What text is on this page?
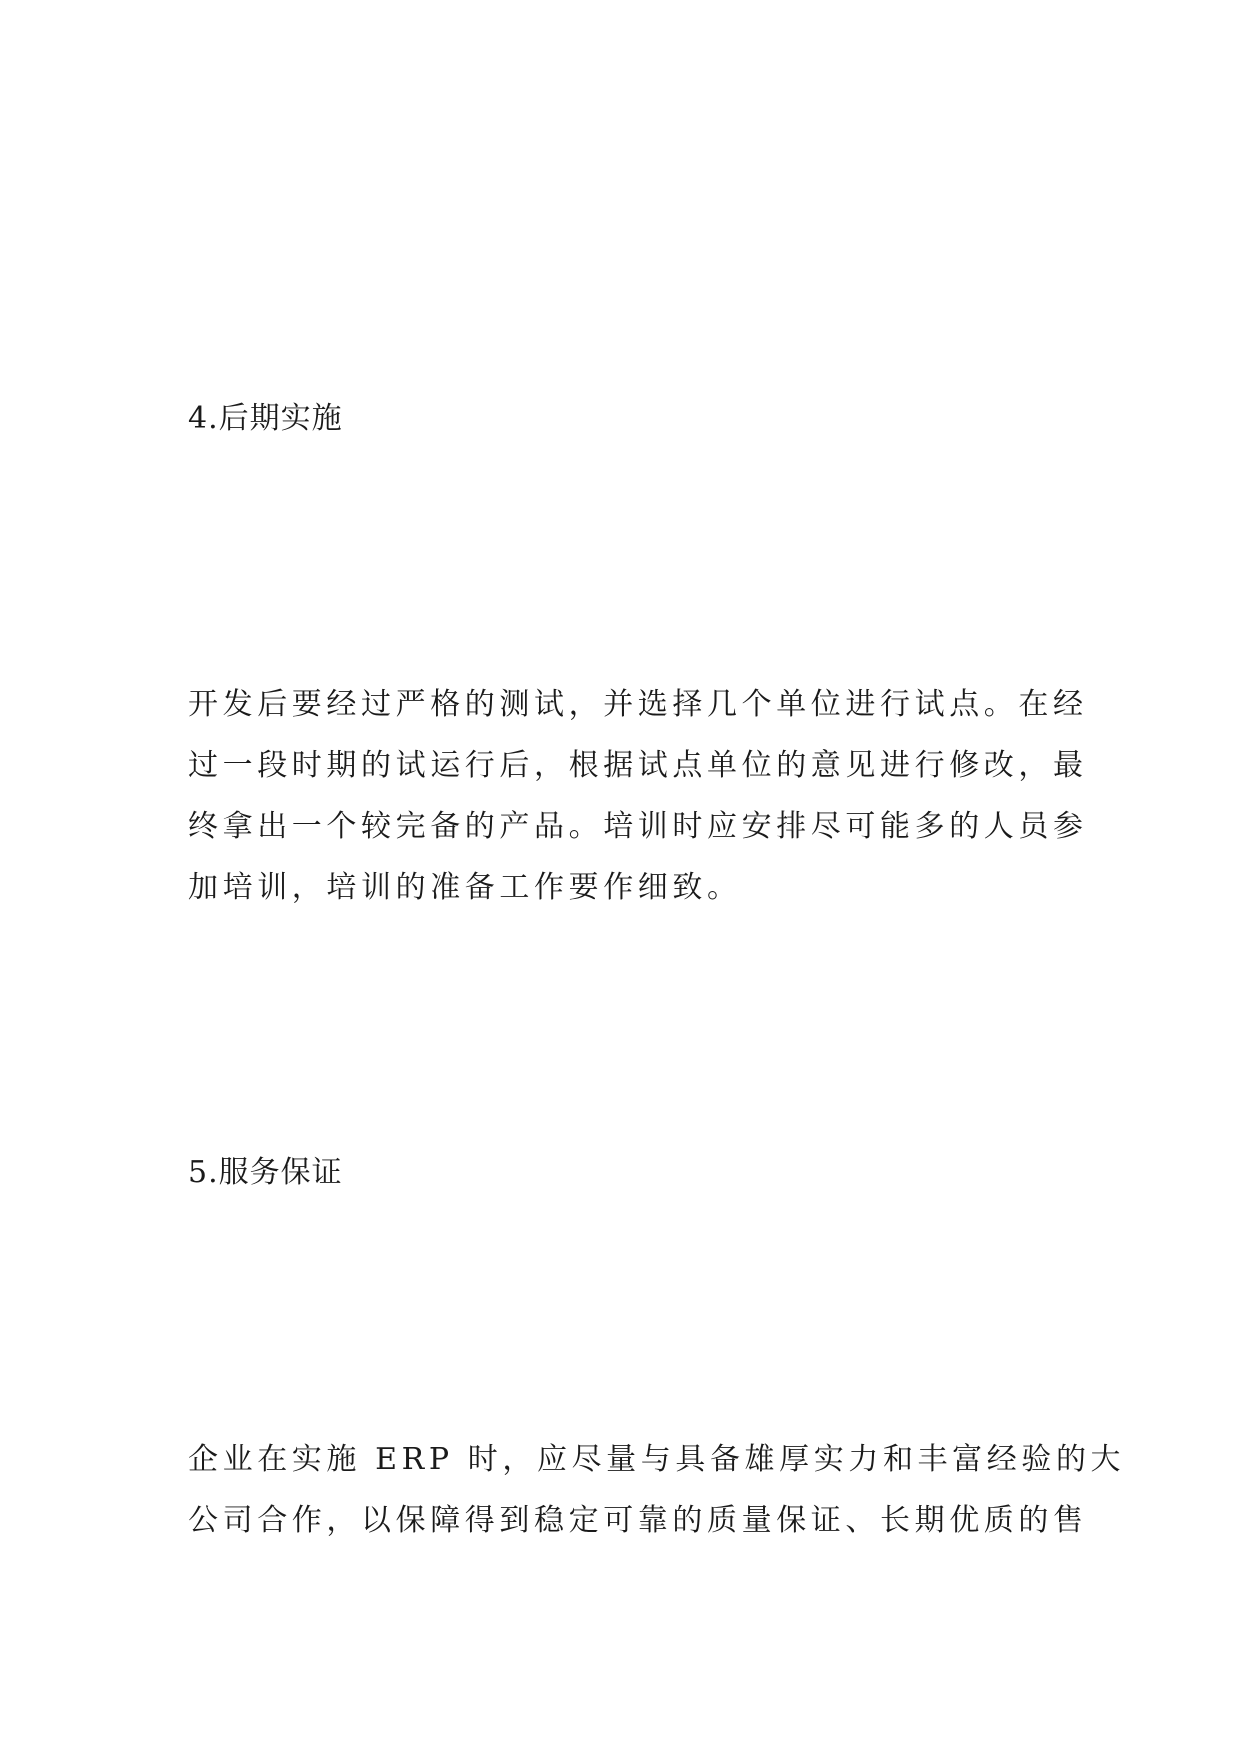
4.后期实施
开发后要经过严格的测试，并选择几个单位进行试点。在经
过一段时期的试运行后，根据试点单位的意见进行修改，最
终拿出一个较完备的产品。培训时应安排尽可能多的人员参
加培训，培训的准备工作要作细致。
5.服务保证
企业在实施 ERP 时，应尽量与具备雄厚实力和丰富经验的大
公司合作，以保障得到稳定可靠的质量保证、长期优质的售
